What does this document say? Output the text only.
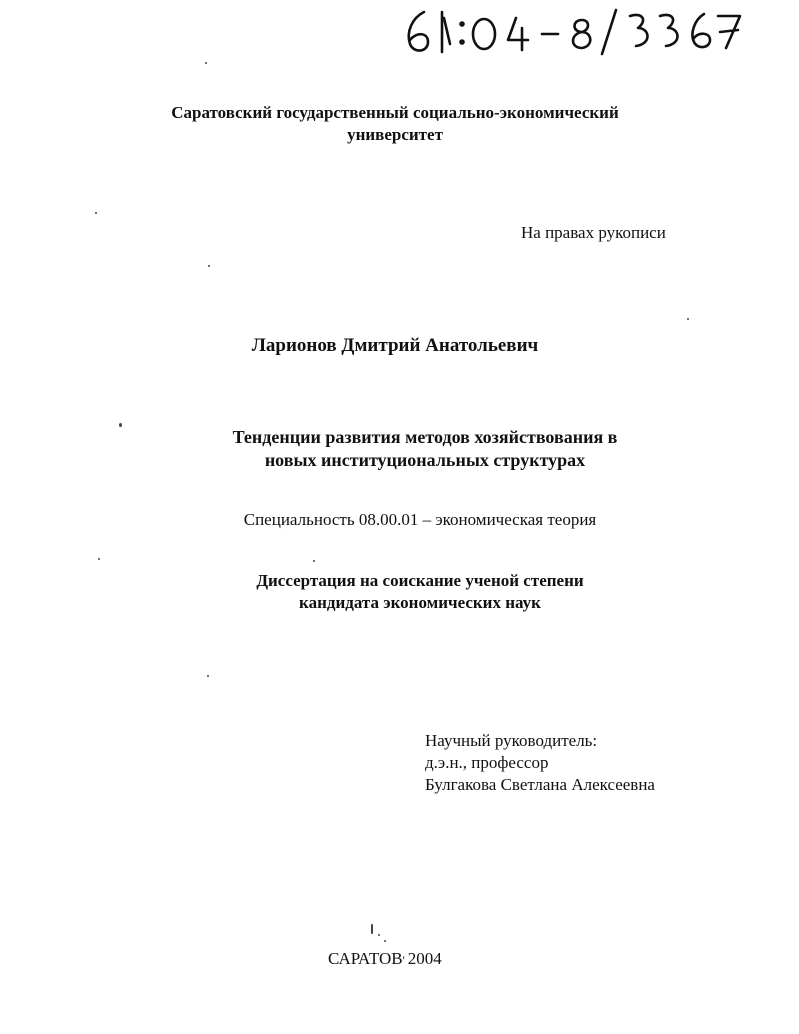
Саратовский государственный социально-экономический
университет
На правах рукописи
Ларионов Дмитрий Анатольевич
Тенденции развития методов хозяйствования в
новых институциональных структурах
Специальность 08.00.01 – экономическая теория
Диссертация на соискание ученой степени
кандидата экономических наук
Научный руководитель:
д.э.н., профессор
Булгакова Светлана Алексеевна
САРАТОВ' 2004
